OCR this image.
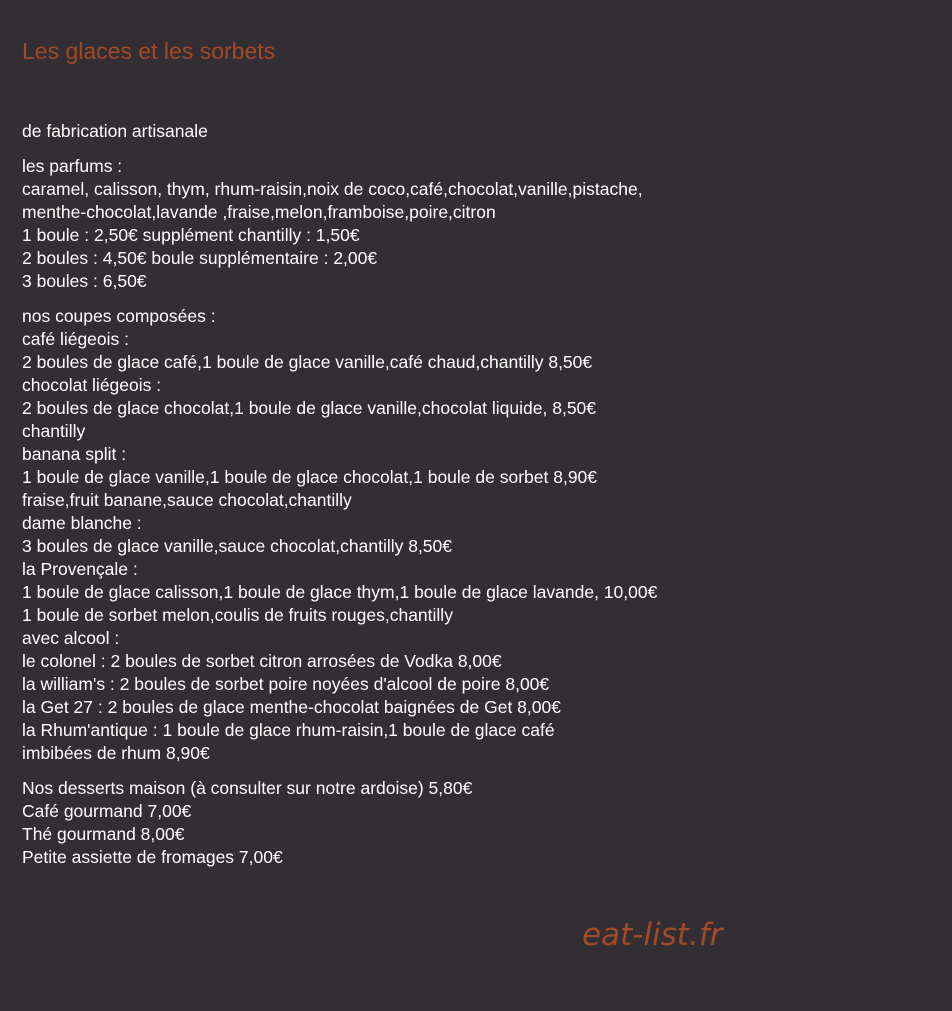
Les glaces et les sorbets
de fabrication artisanale
les parfums :
caramel, calisson, thym, rhum-raisin,noix de coco,café,chocolat,vanille,pistache,
menthe-chocolat,lavande ,fraise,melon,framboise,poire,citron
1 boule : 2,50€ supplément chantilly : 1,50€
2 boules : 4,50€ boule supplémentaire : 2,00€
3 boules : 6,50€
nos coupes composées :
café liégeois :
2 boules de glace café,1 boule de glace vanille,café chaud,chantilly 8,50€
chocolat liégeois :
2 boules de glace chocolat,1 boule de glace vanille,chocolat liquide, 8,50€
chantilly
banana split :
1 boule de glace vanille,1 boule de glace chocolat,1 boule de sorbet 8,90€
fraise,fruit banane,sauce chocolat,chantilly
dame blanche :
3 boules de glace vanille,sauce chocolat,chantilly 8,50€
la Provençale :
1 boule de glace calisson,1 boule de glace thym,1 boule de glace lavande, 10,00€
1 boule de sorbet melon,coulis de fruits rouges,chantilly
avec alcool :
le colonel : 2 boules de sorbet citron arrosées de Vodka 8,00€
la william's : 2 boules de sorbet poire noyées d'alcool de poire 8,00€
la Get 27 : 2 boules de glace menthe-chocolat baignées de Get 8,00€
la Rhum'antique : 1 boule de glace rhum-raisin,1 boule de glace café
imbibées de rhum 8,90€
Nos desserts maison (à consulter sur notre ardoise) 5,80€
Café gourmand 7,00€
Thé gourmand 8,00€
Petite assiette de fromages 7,00€
eat-list.fr
